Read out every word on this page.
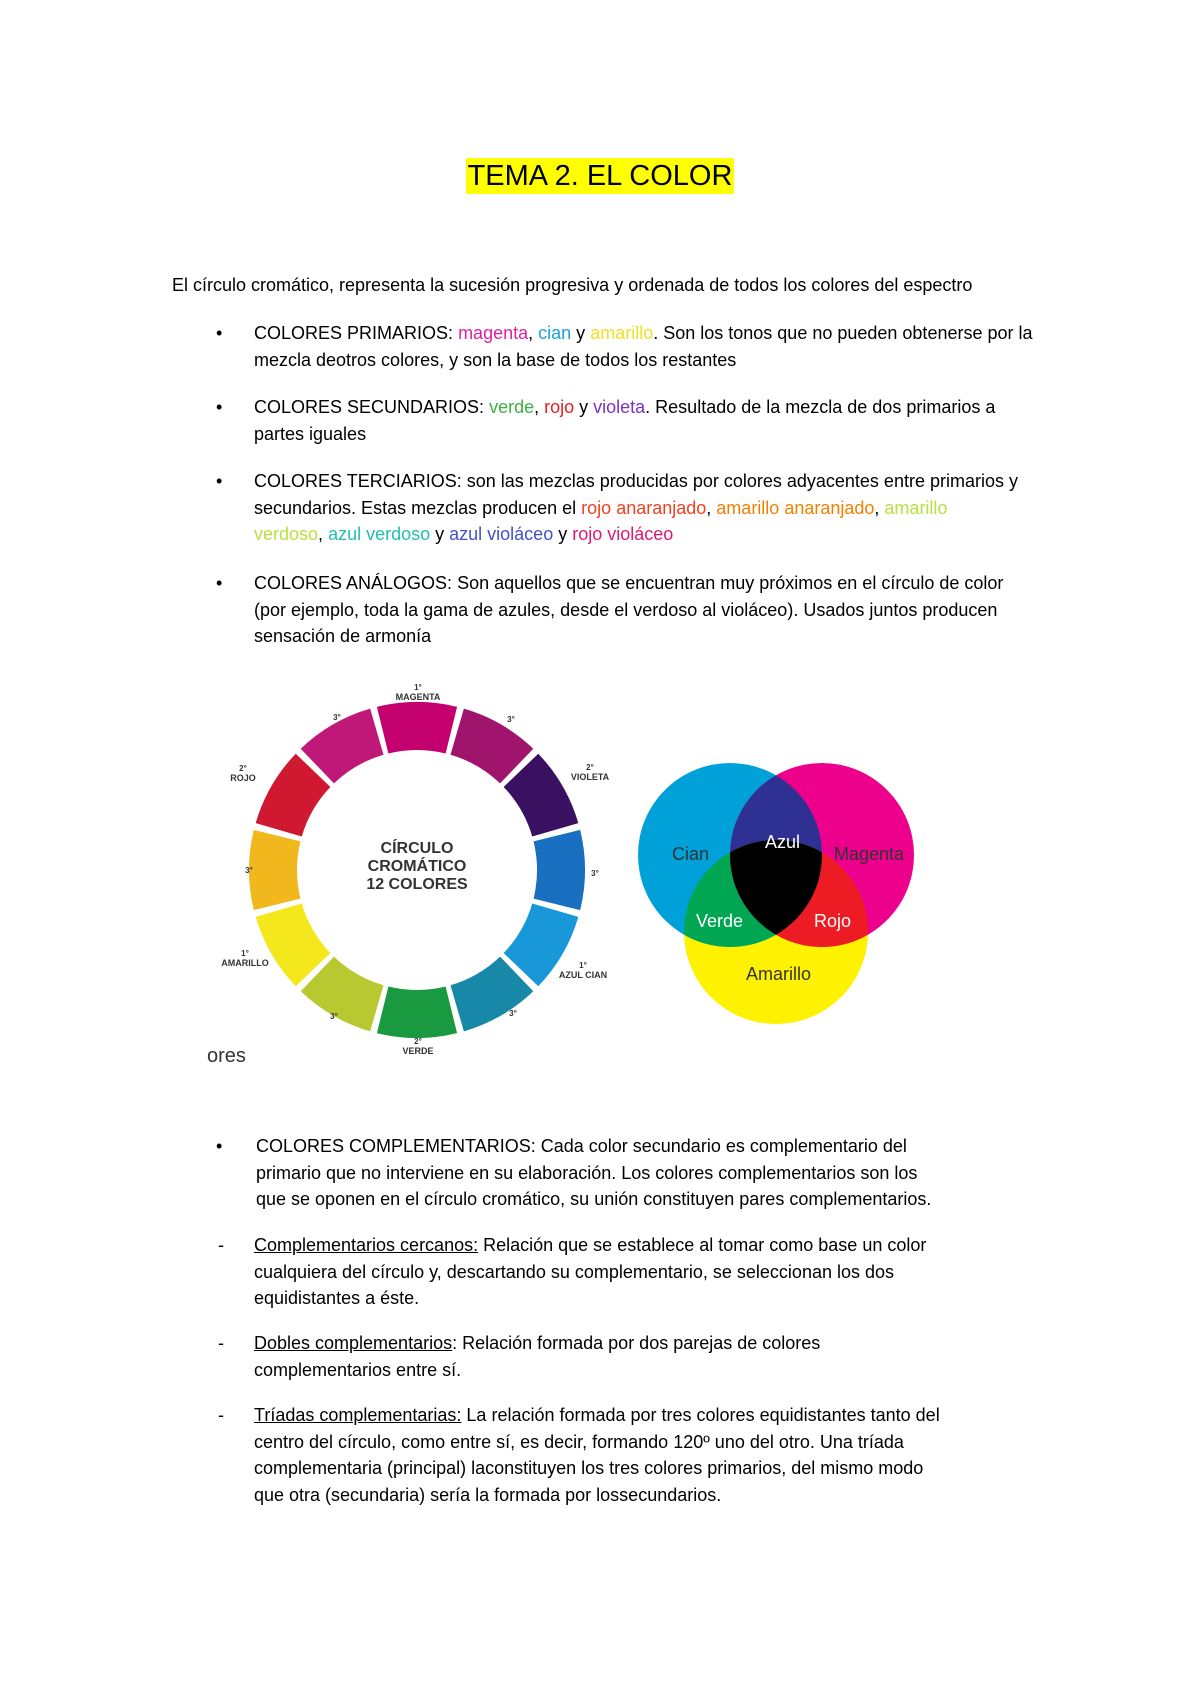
TEMA 2. EL COLOR
El círculo cromático, representa la sucesión progresiva y ordenada de todos los colores del espectro
• COLORES PRIMARIOS: magenta, cian y amarillo. Son los tonos que no pueden obtenerse por la
mezcla deotros colores, y son la base de todos los restantes
• COLORES SECUNDARIOS: verde, rojo y violeta. Resultado de la mezcla de dos primarios a
partes iguales
• COLORES TERCIARIOS: son las mezclas producidas por colores adyacentes entre primarios y
secundarios. Estas mezclas producen el rojo anaranjado, amarillo anaranjado, amarillo
verdoso, azul verdoso y azul violáceo y rojo violáceo
• COLORES ANÁLOGOS: Son aquellos que se encuentran muy próximos en el círculo de color
(por ejemplo, toda la gama de azules, desde el verdoso al violáceo). Usados juntos producen
sensación de armonía
CÍRCULO
CROMÁTICO
12 COLORES
1°
MAGENTA
2°
VIOLETA
1°
AZUL CIAN
2°
VERDE
1°
AMARILLO
2°
ROJO
3°	3°
3°
3°
3°
3°
ores
Cian
Azul
Magenta
Verde	Rojo
Amarillo
• COLORES COMPLEMENTARIOS: Cada color secundario es complementario del
primario que no interviene en su elaboración. Los colores complementarios son los
que se oponen en el círculo cromático, su unión constituyen pares complementarios.
- Complementarios cercanos: Relación que se establece al tomar como base un color
cualquiera del círculo y, descartando su complementario, se seleccionan los dos
equidistantes a éste.
- Dobles complementarios: Relación formada por dos parejas de colores
complementarios entre sí.
- Tríadas complementarias: La relación formada por tres colores equidistantes tanto del
centro del círculo, como entre sí, es decir, formando 120º uno del otro. Una tríada
complementaria (principal) laconstituyen los tres colores primarios, del mismo modo
que otra (secundaria) sería la formada por lossecundarios.
